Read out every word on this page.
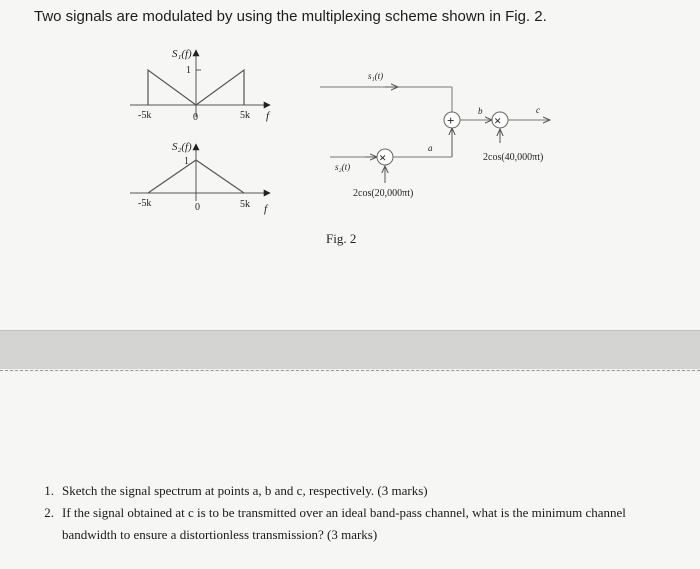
Two signals are modulated by using the multiplexing scheme shown in Fig. 2.
S₁(f)
1
-5k	0	5k f
S₂(f)
1
-5k	0	5k f
s₁(t)
s₂(t)
×
2cos(20,000πt)
a
+
b
×
2cos(40,000πt)
c
Fig. 2
1. Sketch the signal spectrum at points a, b and c, respectively. (3 marks)
2. If the signal obtained at c is to be transmitted over an ideal band-pass channel, what is the minimum channel bandwidth to ensure a distortionless transmission? (3 marks)
